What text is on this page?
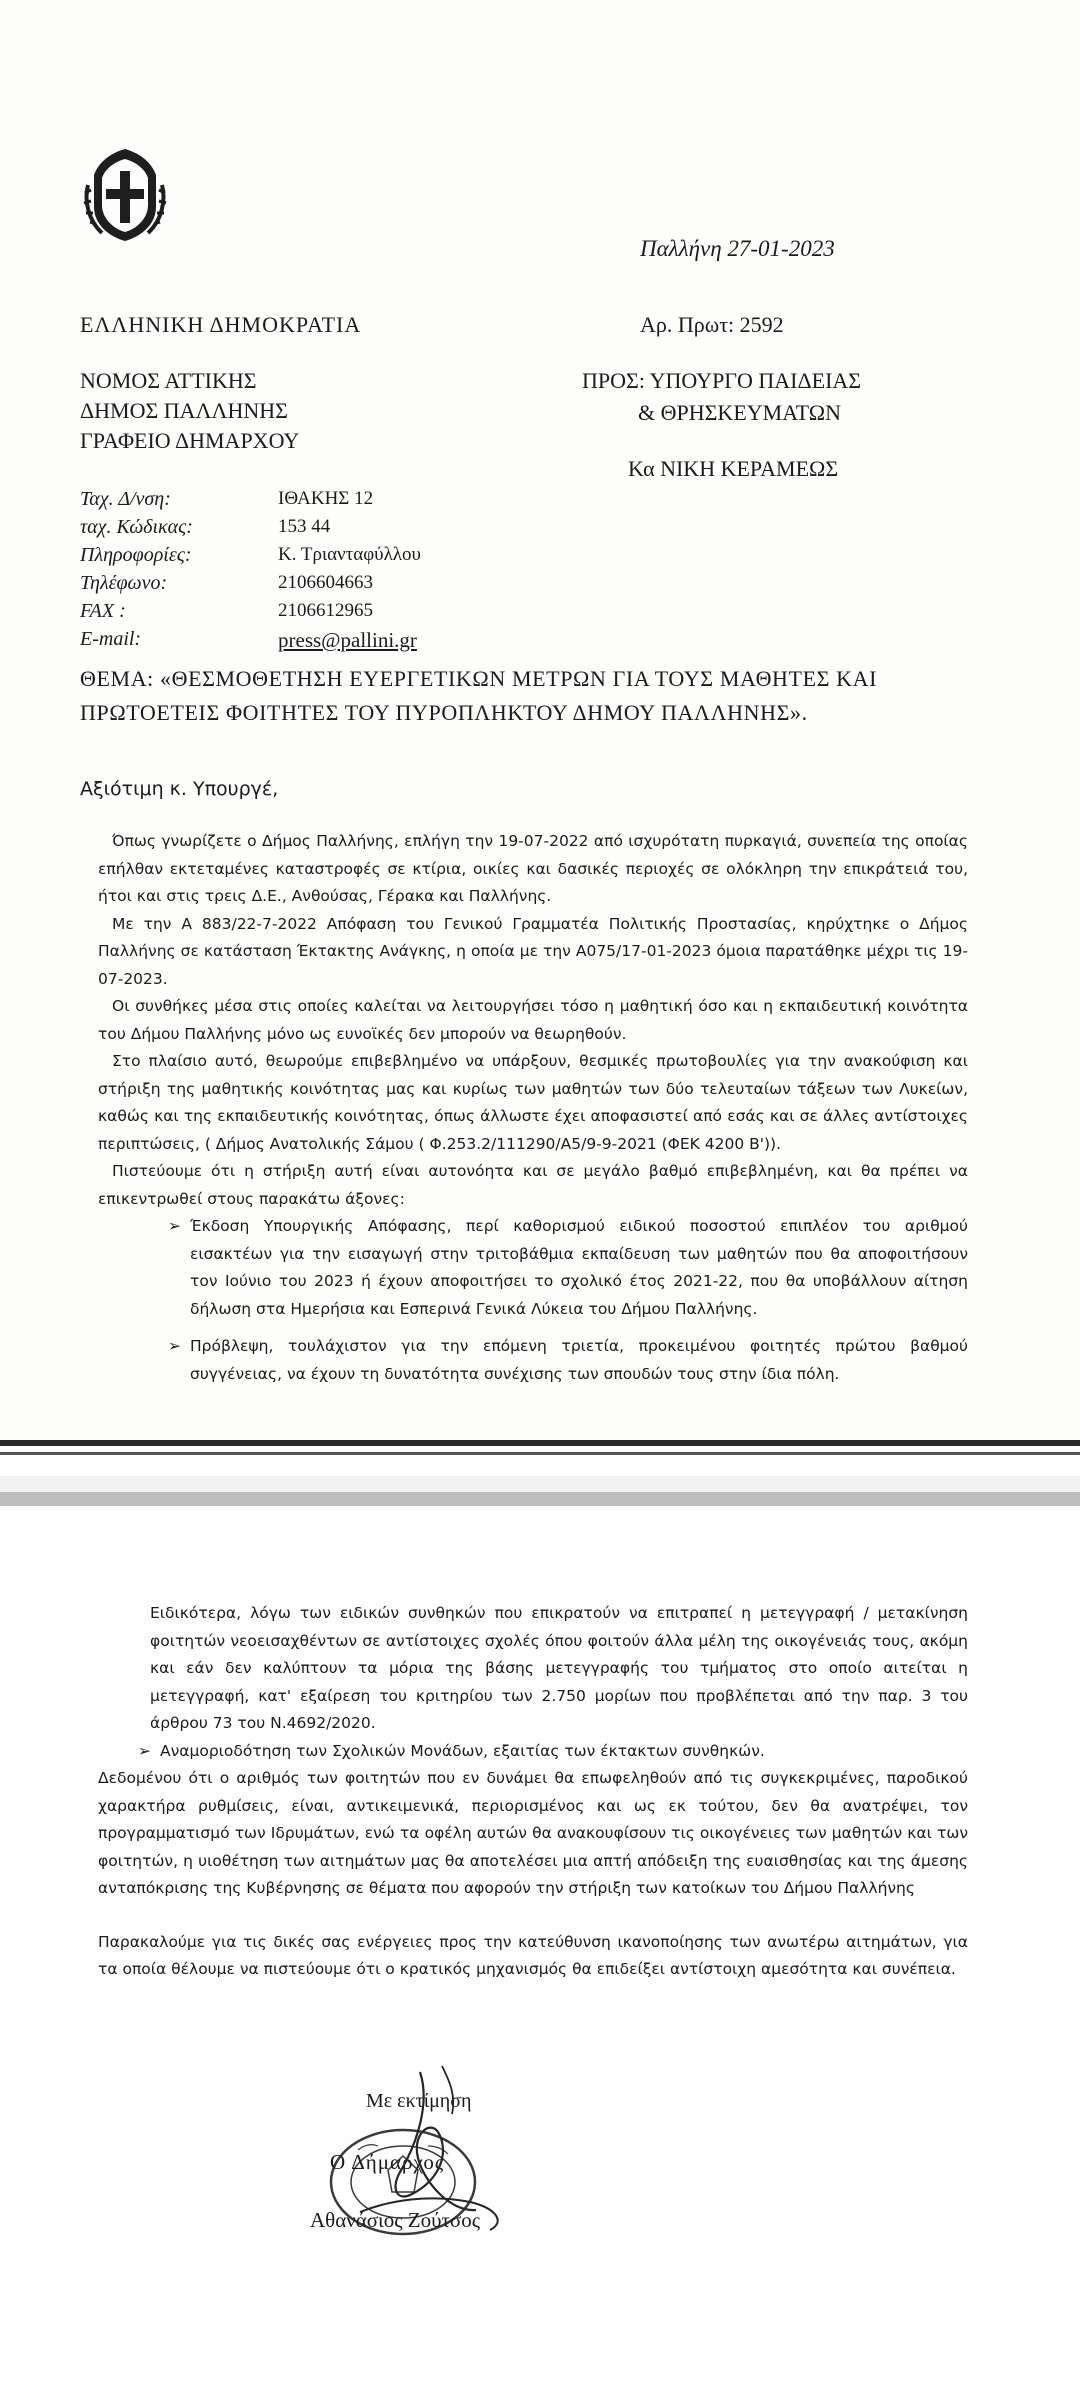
Παλλήνη 27-01-2023
ΕΛΛΗΝΙΚΗ ΔΗΜΟΚΡΑΤΙΑ	Αρ. Πρωτ: 2592
ΝΟΜΟΣ ΑΤΤΙΚΗΣ
ΔΗΜΟΣ ΠΑΛΛΗΝΗΣ
ΓΡΑΦΕΙΟ ΔΗΜΑΡΧΟΥ
ΠΡΟΣ: ΥΠΟΥΡΓΟ ΠΑΙΔΕΙΑΣ
& ΘΡΗΣΚΕΥΜΑΤΩΝ
Κα ΝΙΚΗ ΚΕΡΑΜΕΩΣ
Ταχ. Δ/νση:	ΙΘΑΚΗΣ 12
ταχ. Κώδικας:	153 44
Πληροφορίες:	Κ. Τριανταφύλλου
Τηλέφωνο:	2106604663
FAX :	2106612965
E-mail:	press@pallini.gr
ΘΕΜΑ: «ΘΕΣΜΟΘΕΤΗΣΗ ΕΥΕΡΓΕΤΙΚΩΝ ΜΕΤΡΩΝ ΓΙΑ ΤΟΥΣ ΜΑΘΗΤΕΣ ΚΑΙ ΠΡΩΤΟΕΤΕΙΣ ΦΟΙΤΗΤΕΣ ΤΟΥ ΠΥΡΟΠΛΗΚΤΟΥ ΔΗΜΟΥ ΠΑΛΛΗΝΗΣ».
Αξιότιμη κ. Υπουργέ,

Όπως γνωρίζετε ο Δήμος Παλλήνης, επλήγη την 19-07-2022 από ισχυρότατη πυρκαγιά, συνεπεία της οποίας επήλθαν εκτεταμένες καταστροφές σε κτίρια, οικίες και δασικές περιοχές σε ολόκληρη την επικράτειά του, ήτοι και στις τρεις Δ.Ε., Ανθούσας, Γέρακα και Παλλήνης.

Με την Α 883/22-7-2022 Απόφαση του Γενικού Γραμματέα Πολιτικής Προστασίας, κηρύχτηκε ο Δήμος Παλλήνης σε κατάσταση Έκτακτης Ανάγκης, η οποία με την Α075/17-01-2023 όμοια παρατάθηκε μέχρι τις 19-07-2023.

Οι συνθήκες μέσα στις οποίες καλείται να λειτουργήσει τόσο η μαθητική όσο και η εκπαιδευτική κοινότητα του Δήμου Παλλήνης μόνο ως ευνοϊκές δεν μπορούν να θεωρηθούν.

Στο πλαίσιο αυτό, θεωρούμε επιβεβλημένο να υπάρξουν, θεσμικές πρωτοβουλίες για την ανακούφιση και στήριξη της μαθητικής κοινότητας μας και κυρίως των μαθητών των δύο τελευταίων τάξεων των Λυκείων, καθώς και της εκπαιδευτικής κοινότητας, όπως άλλωστε έχει αποφασιστεί από εσάς και σε άλλες αντίστοιχες περιπτώσεις, ( Δήμος Ανατολικής Σάμου ( Φ.253.2/111290/Α5/9-9-2021 (ΦΕΚ 4200 Β')).

Πιστεύουμε ότι η στήριξη αυτή είναι αυτονόητα και σε μεγάλο βαθμό επιβεβλημένη, και θα πρέπει να επικεντρωθεί στους παρακάτω άξονες:

➢ Έκδοση Υπουργικής Απόφασης, περί καθορισμού ειδικού ποσοστού επιπλέον του αριθμού εισακτέων για την εισαγωγή στην τριτοβάθμια εκπαίδευση των μαθητών που θα αποφοιτήσουν τον Ιούνιο του 2023 ή έχουν αποφοιτήσει το σχολικό έτος 2021-22, που θα υποβάλλουν αίτηση δήλωση στα Ημερήσια και Εσπερινά Γενικά Λύκεια του Δήμου Παλλήνης.

➢ Πρόβλεψη, τουλάχιστον για την επόμενη τριετία, προκειμένου φοιτητές πρώτου βαθμού συγγένειας, να έχουν τη δυνατότητα συνέχισης των σπουδών τους στην ίδια πόλη.

Ειδικότερα, λόγω των ειδικών συνθηκών που επικρατούν να επιτραπεί η μετεγγραφή / μετακίνηση φοιτητών νεοεισαχθέντων σε αντίστοιχες σχολές όπου φοιτούν άλλα μέλη της οικογένειάς τους, ακόμη και εάν δεν καλύπτουν τα μόρια της βάσης μετεγγραφής του τμήματος στο οποίο αιτείται η μετεγγραφή, κατ' εξαίρεση του κριτηρίου των 2.750 μορίων που προβλέπεται από την παρ. 3 του άρθρου 73 του Ν.4692/2020.

➢ Αναμοριοδότηση των Σχολικών Μονάδων, εξαιτίας των έκτακτων συνθηκών.

Δεδομένου ότι ο αριθμός των φοιτητών που εν δυνάμει θα επωφεληθούν από τις συγκεκριμένες, παροδικού χαρακτήρα ρυθμίσεις, είναι, αντικειμενικά, περιορισμένος και ως εκ τούτου, δεν θα ανατρέψει, τον προγραμματισμό των Ιδρυμάτων, ενώ τα οφέλη αυτών θα ανακουφίσουν τις οικογένειες των μαθητών και των φοιτητών, η υιοθέτηση των αιτημάτων μας θα αποτελέσει μια απτή απόδειξη της ευαισθησίας και της άμεσης ανταπόκρισης της Κυβέρνησης σε θέματα που αφορούν την στήριξη των κατοίκων του Δήμου Παλλήνης

Παρακαλούμε για τις δικές σας ενέργειες προς την κατεύθυνση ικανοποίησης των ανωτέρω αιτημάτων, για τα οποία θέλουμε να πιστεύουμε ότι ο κρατικός μηχανισμός θα επιδείξει αντίστοιχη αμεσότητα και συνέπεια.

Με εκτίμηση
Ο Δήμαρχος
Αθανάσιος Ζούτσος
